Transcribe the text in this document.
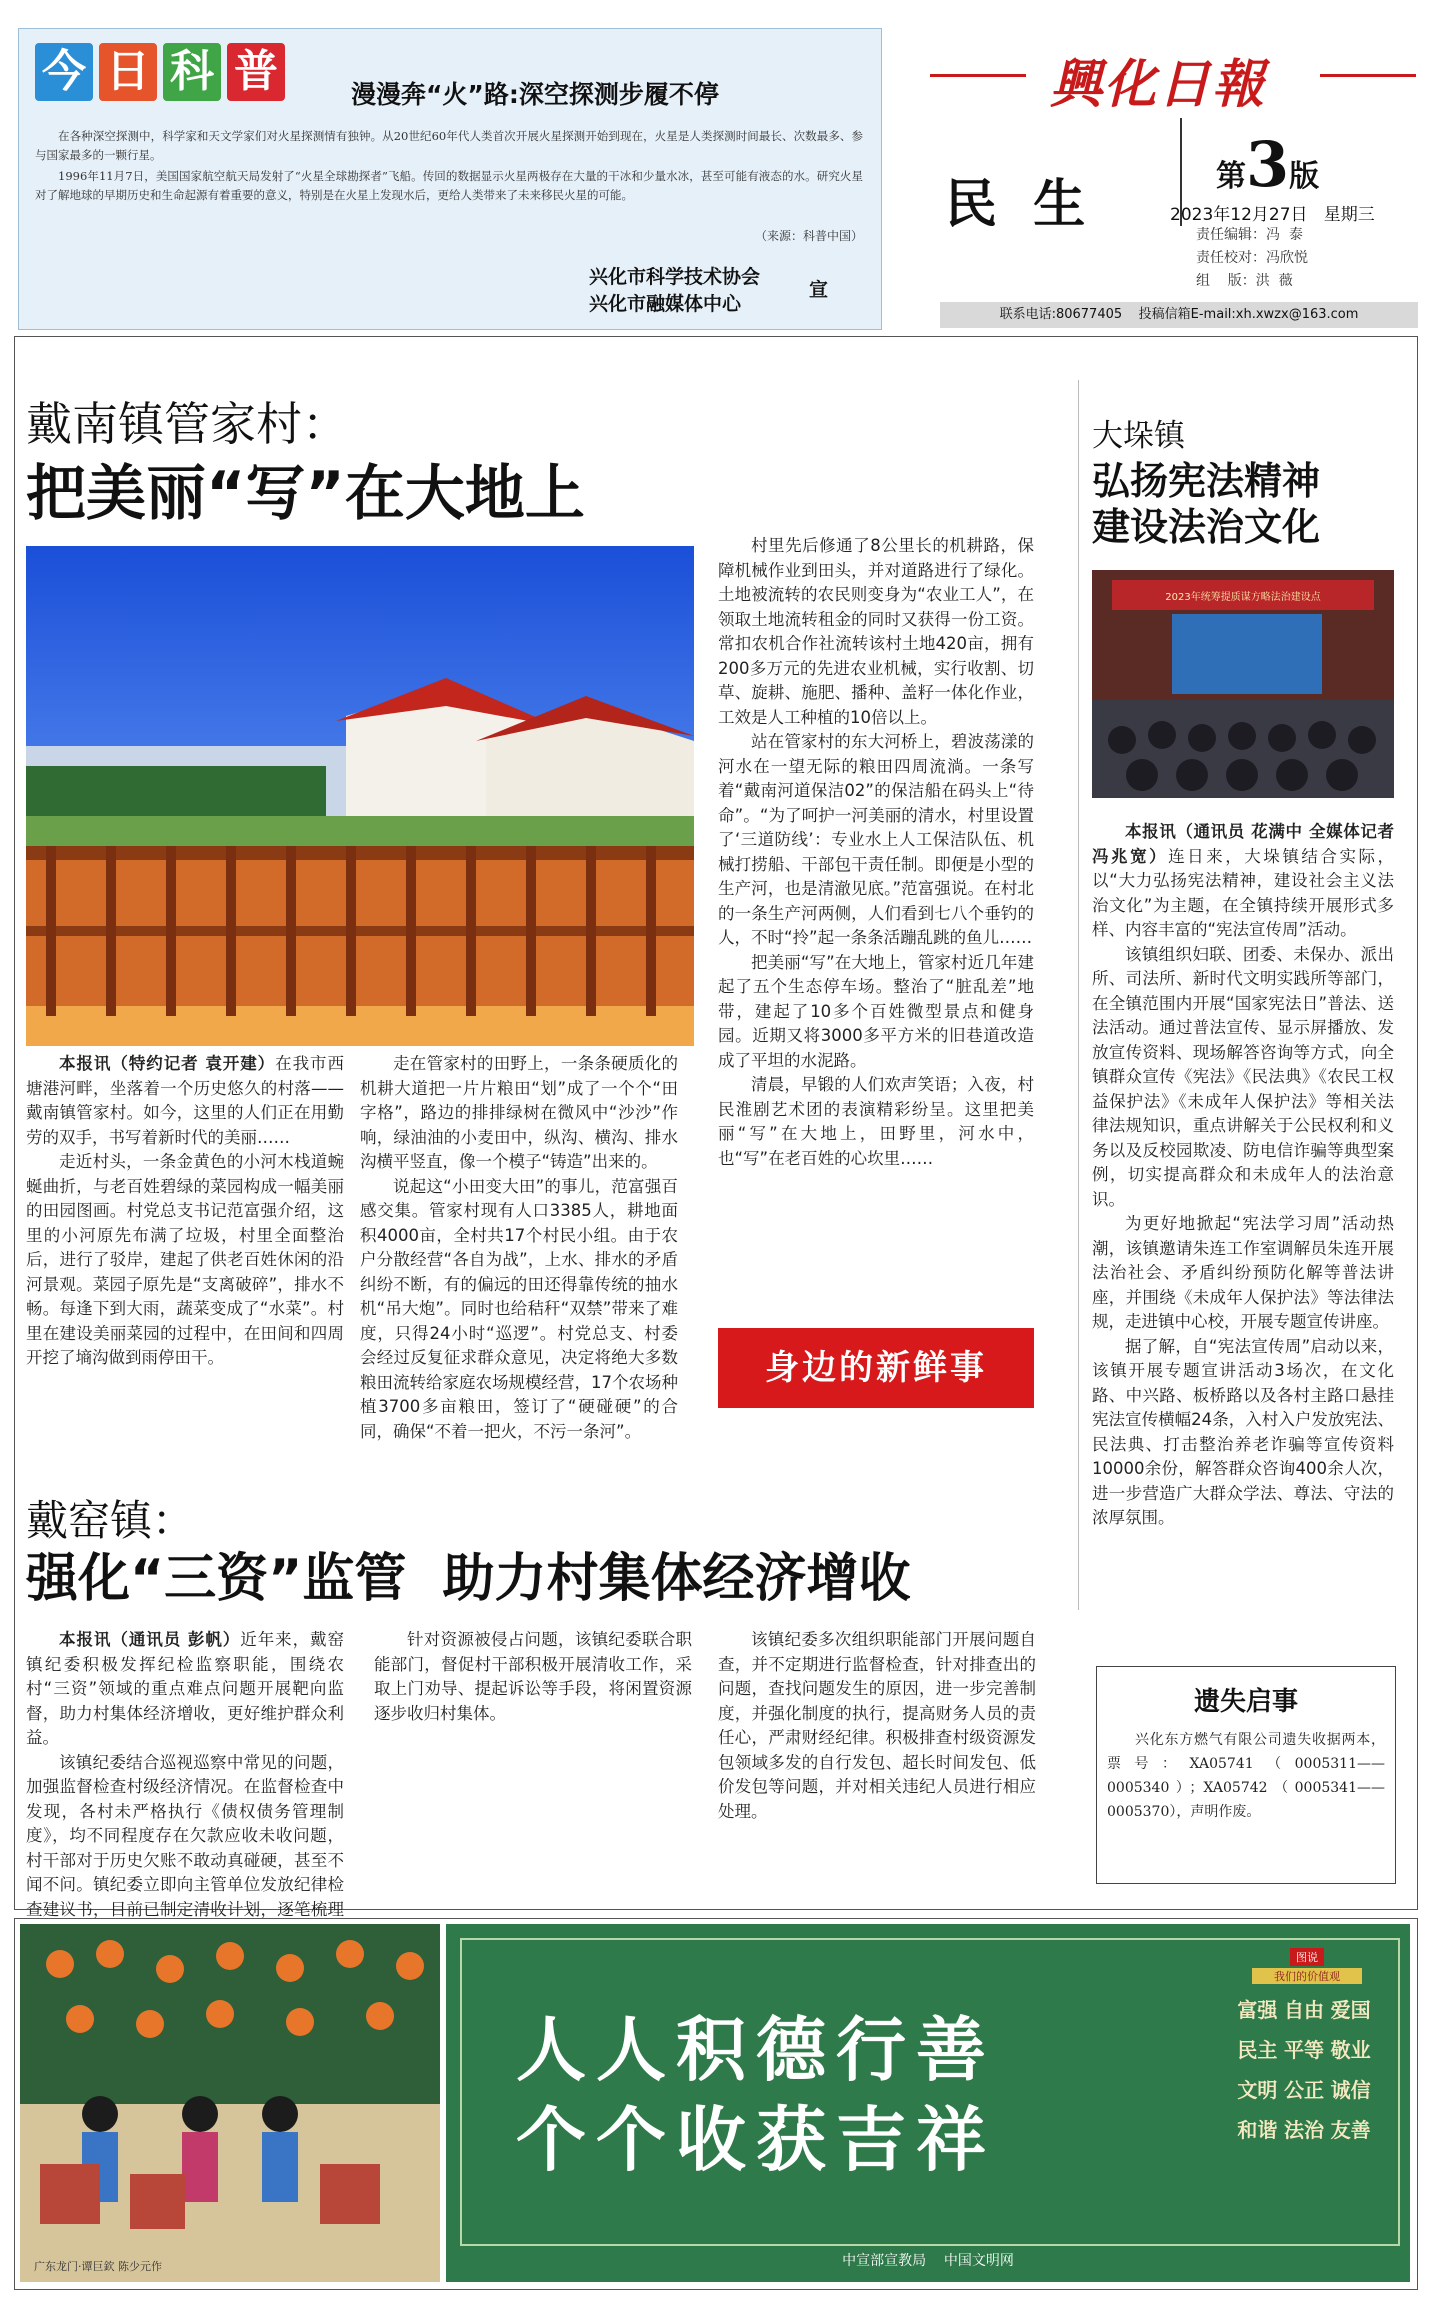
今 日 科 普	漫漫奔“火”路:深空探测步履不停
在各种深空探测中，科学家和天文学家们对火星探测情有独钟。从20世纪60年代人类首次开展火星探测开始到现在，火星是人类探测时间最长、次数最多、参与国家最多的一颗行星。
1996年11月7日，美国国家航空航天局发射了“火星全球勘探者”飞船。传回的数据显示火星两极存在大量的干冰和少量水冰，甚至可能有液态的水。研究火星对了解地球的早期历史和生命起源有着重要的意义，特别是在火星上发现水后，更给人类带来了未来移民火星的可能。
（来源：科普中国）
兴化市科学技术协会
兴化市融媒体中心
宣
興化日報
民  生	第3版
2023年12月27日   星期三
责任编辑：冯  泰
责任校对：冯欣悦
组    版：洪  薇
联系电话:80677405    投稿信箱E-mail:xh.xwzx@163.com
戴南镇管家村：
把美丽“写”在大地上

本报讯（特约记者 袁开建）在我市西塘港河畔，坐落着一个历史悠久的村落——戴南镇管家村。如今，这里的人们正在用勤劳的双手，书写着新时代的美丽……

走近村头，一条金黄色的小河木栈道蜿蜒曲折，与老百姓碧绿的菜园构成一幅美丽的田园图画。村党总支书记范富强介绍，这里的小河原先布满了垃圾，村里全面整治后，进行了驳岸，建起了供老百姓休闲的沿河景观。菜园子原先是“支离破碎”，排水不畅。每逢下到大雨，蔬菜变成了“水菜”。村里在建设美丽菜园的过程中，在田间和四周开挖了墒沟做到雨停田干。

走在管家村的田野上，一条条硬质化的机耕大道把一片片粮田“划”成了一个个“田字格”，路边的排排绿树在微风中“沙沙”作响，绿油油的小麦田中，纵沟、横沟、排水沟横平竖直，像一个模子“铸造”出来的。

说起这“小田变大田”的事儿，范富强百感交集。管家村现有人口3385人，耕地面积4000亩，全村共17个村民小组。由于农户分散经营“各自为战”，上水、排水的矛盾纠纷不断，有的偏远的田还得靠传统的抽水机“吊大炮”。同时也给秸秆“双禁”带来了难度，只得24小时“巡逻”。村党总支、村委会经过反复征求群众意见，决定将绝大多数粮田流转给家庭农场规模经营，17个农场种植3700多亩粮田，签订了“硬碰硬”的合同，确保“不着一把火，不污一条河”。

村里先后修通了8公里长的机耕路，保障机械作业到田头，并对道路进行了绿化。土地被流转的农民则变身为“农业工人”，在领取土地流转租金的同时又获得一份工资。常扣农机合作社流转该村土地420亩，拥有200多万元的先进农业机械，实行收割、切草、旋耕、施肥、播种、盖籽一体化作业，工效是人工种植的10倍以上。

站在管家村的东大河桥上，碧波荡漾的河水在一望无际的粮田四周流淌。一条写着“戴南河道保洁02”的保洁船在码头上“待命”。“为了呵护一河美丽的清水，村里设置了‘三道防线’：专业水上人工保洁队伍、机械打捞船、干部包干责任制。即便是小型的生产河，也是清澈见底。”范富强说。在村北的一条生产河两侧，人们看到七八个垂钓的人，不时“拎”起一条条活蹦乱跳的鱼儿……

把美丽“写”在大地上，管家村近几年建起了五个生态停车场。整治了“脏乱差”地带，建起了10多个百姓微型景点和健身园。近期又将3000多平方米的旧巷道改造成了平坦的水泥路。

清晨，早锻的人们欢声笑语；入夜，村民淮剧艺术团的表演精彩纷呈。这里把美丽“写”在大地上，田野里，河水中，也“写”在老百姓的心坎里……

身边的新鲜事
大垛镇
弘扬宪法精神
建设法治文化
2023年统筹提质谋方略法治建设点

本报讯（通讯员 花满中 全媒体记者 冯兆宽）连日来，大垛镇结合实际，以“大力弘扬宪法精神，建设社会主义法治文化”为主题，在全镇持续开展形式多样、内容丰富的“宪法宣传周”活动。

该镇组织妇联、团委、未保办、派出所、司法所、新时代文明实践所等部门，在全镇范围内开展“国家宪法日”普法、送法活动。通过普法宣传、显示屏播放、发放宣传资料、现场解答咨询等方式，向全镇群众宣传《宪法》《民法典》《农民工权益保护法》《未成年人保护法》等相关法律法规知识，重点讲解关于公民权利和义务以及反校园欺凌、防电信诈骗等典型案例，切实提高群众和未成年人的法治意识。

为更好地掀起“宪法学习周”活动热潮，该镇邀请朱连工作室调解员朱连开展法治社会、矛盾纠纷预防化解等普法讲座，并围绕《未成年人保护法》等法律法规，走进镇中心校，开展专题宣传讲座。

据了解，自“宪法宣传周”启动以来，该镇开展专题宣讲活动3场次，在文化路、中兴路、板桥路以及各村主路口悬挂宪法宣传横幅24条，入村入户发放宪法、民法典、打击整治养老诈骗等宣传资料10000余份，解答群众咨询400余人次，进一步营造广大群众学法、尊法、守法的浓厚氛围。

戴窑镇：
强化“三资”监管  助力村集体经济增收

本报讯（通讯员 彭帆）近年来，戴窑镇纪委积极发挥纪检监察职能，围绕农村“三资”领域的重点难点问题开展靶向监督，助力村集体经济增收，更好维护群众利益。

该镇纪委结合巡视巡察中常见的问题，加强监督检查村级经济情况。在监督检查中发现，各村未严格执行《债权债务管理制度》，均不同程度存在欠款应收未收问题，村干部对于历史欠账不敢动真碰硬，甚至不闻不问。镇纪委立即向主管单位发放纪律检查建议书，目前已制定清收计划，逐笔梳理

针对资源被侵占问题，该镇纪委联合职能部门，督促村干部积极开展清收工作，采取上门劝导、提起诉讼等手段，将闲置资源逐步收归村集体。

该镇纪委多次组织职能部门开展问题自查，并不定期进行监督检查，针对排查出的问题，查找问题发生的原因，进一步完善制度，并强化制度的执行，提高财务人员的责任心，严肃财经纪律。积极排查村级资源发包领域多发的自行发包、超长时间发包、低价发包等问题，并对相关违纪人员进行相应处理。

遗失启事
兴化东方燃气有限公司遗失收据两本，票号：XA05741（0005311——0005340）；XA05742（0005341——0005370），声明作废。
广东龙门·谭巨欽 陈少元作
人人积德行善
个个收获吉祥
图说
我们的价值观
富强
民主
文明
和谐
自由
平等
公正
法治
爱国
敬业
诚信
友善
中宣部宣教局    中国文明网
